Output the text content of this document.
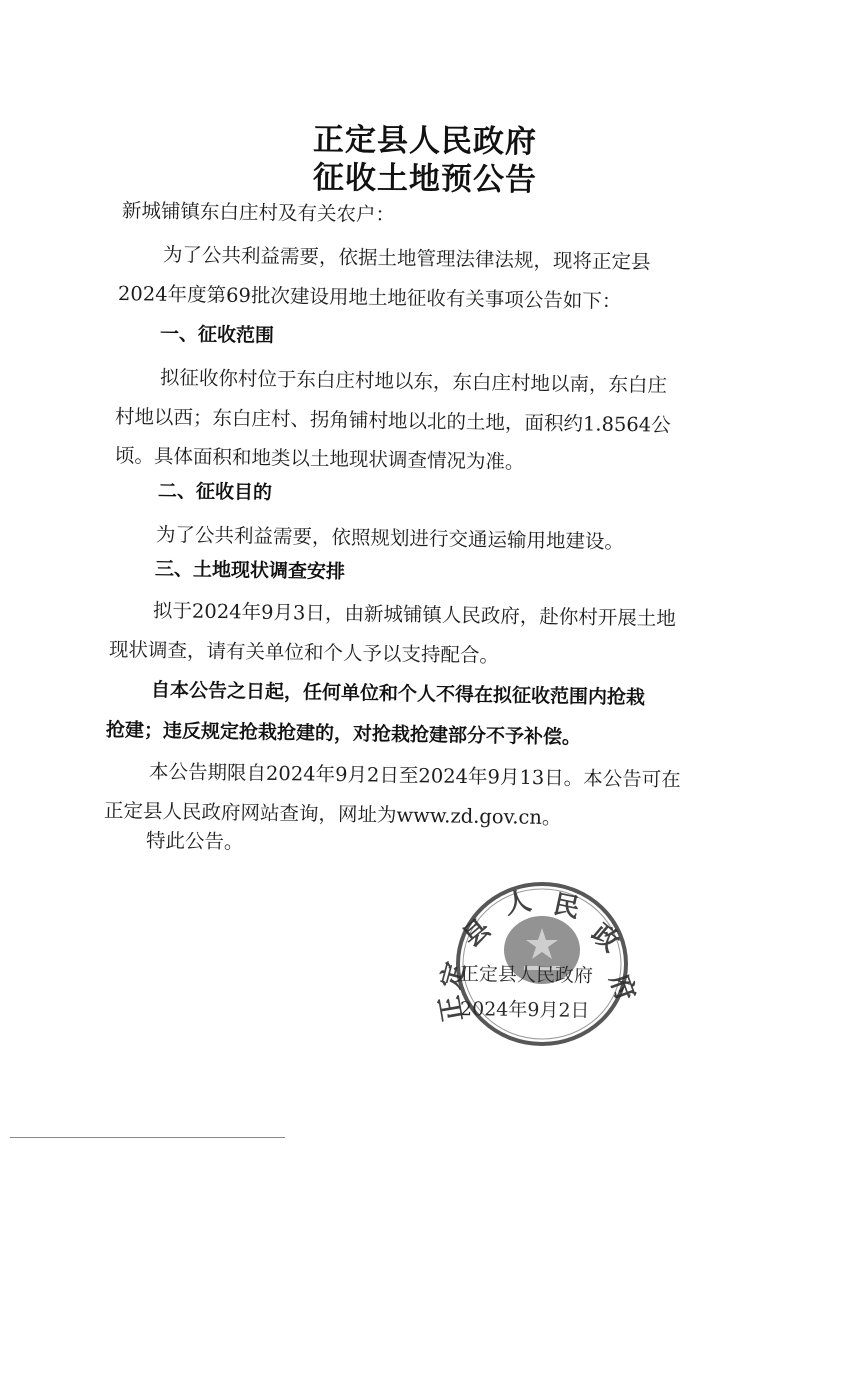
正定县人民政府
征收土地预公告
新城铺镇东白庄村及有关农户：
为了公共利益需要，依据土地管理法律法规，现将正定县
2024年度第69批次建设用地土地征收有关事项公告如下：
一、征收范围
拟征收你村位于东白庄村地以东，东白庄村地以南，东白庄
村地以西；东白庄村、拐角铺村地以北的土地，面积约1.8564公
顷。具体面积和地类以土地现状调查情况为准。
二、征收目的
为了公共利益需要，依照规划进行交通运输用地建设。
三、土地现状调查安排
拟于2024年9月3日，由新城铺镇人民政府，赴你村开展土地
现状调查，请有关单位和个人予以支持配合。
自本公告之日起，任何单位和个人不得在拟征收范围内抢栽
抢建；违反规定抢栽抢建的，对抢栽抢建部分不予补偿。
本公告期限自2024年9月2日至2024年9月13日。本公告可在
正定县人民政府网站查询，网址为www.zd.gov.cn。
特此公告。
县
人 民
政
府
定
正
正定县人民政府
2024年9月2日
